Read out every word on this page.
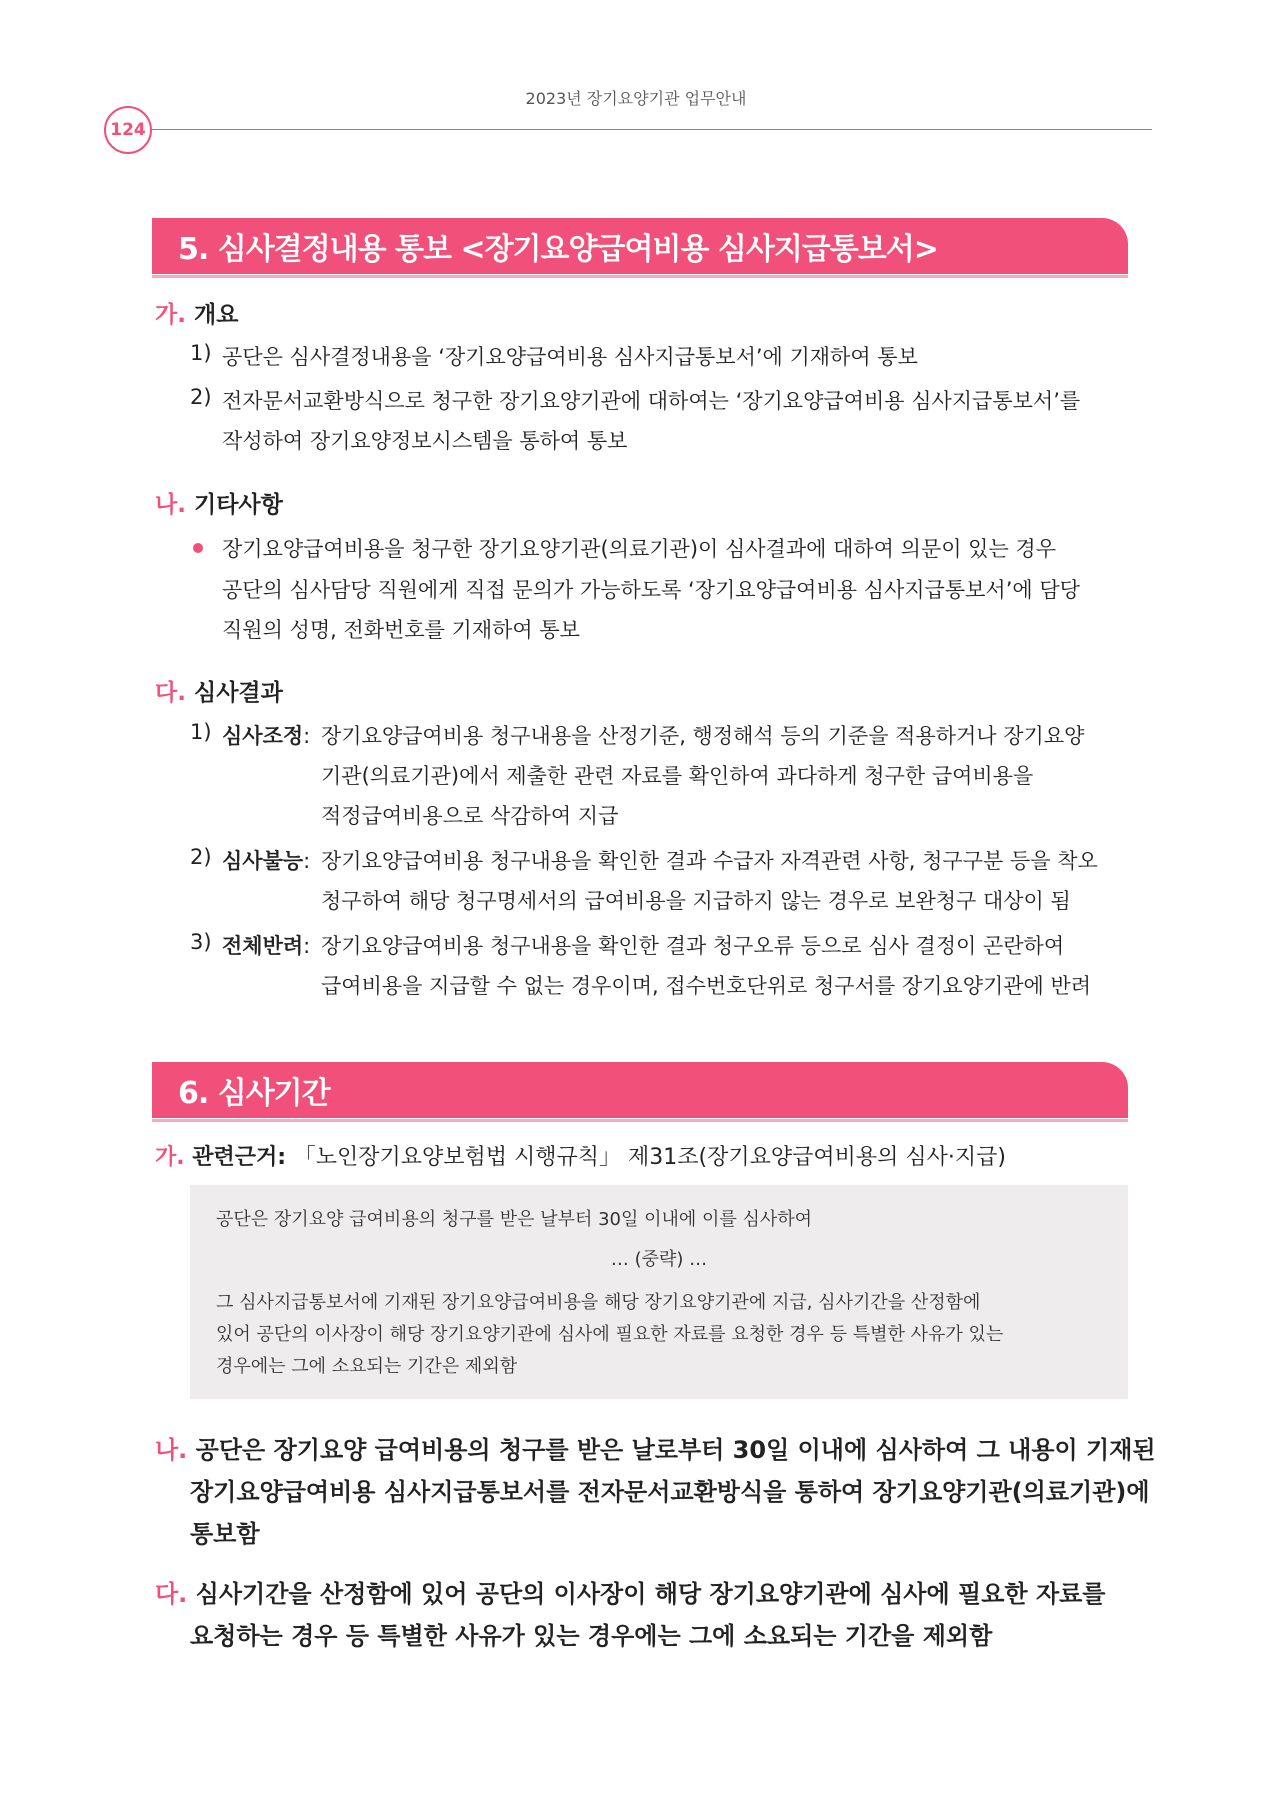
2023년 장기요양기관 업무안내
124
5. 심사결정내용 통보 <장기요양급여비용 심사지급통보서>
가. 개요
1) 공단은 심사결정내용을 ‘장기요양급여비용 심사지급통보서’에 기재하여 통보
2) 전자문서교환방식으로 청구한 장기요양기관에 대하여는 ‘장기요양급여비용 심사지급통보서’를
작성하여 장기요양정보시스템을 통하여 통보
나. 기타사항
장기요양급여비용을 청구한 장기요양기관(의료기관)이 심사결과에 대하여 의문이 있는 경우
공단의 심사담당 직원에게 직접 문의가 가능하도록 ‘장기요양급여비용 심사지급통보서’에 담당
직원의 성명, 전화번호를 기재하여 통보
다. 심사결과
1) 심사조정: 장기요양급여비용 청구내용을 산정기준, 행정해석 등의 기준을 적용하거나 장기요양
기관(의료기관)에서 제출한 관련 자료를 확인하여 과다하게 청구한 급여비용을
적정급여비용으로 삭감하여 지급
2) 심사불능: 장기요양급여비용 청구내용을 확인한 결과 수급자 자격관련 사항, 청구구분 등을 착오
청구하여 해당 청구명세서의 급여비용을 지급하지 않는 경우로 보완청구 대상이 됨
3) 전체반려: 장기요양급여비용 청구내용을 확인한 결과 청구오류 등으로 심사 결정이 곤란하여
급여비용을 지급할 수 없는 경우이며, 접수번호단위로 청구서를 장기요양기관에 반려
6. 심사기간
가. 관련근거: 「노인장기요양보험법 시행규칙」 제31조(장기요양급여비용의 심사·지급)
공단은 장기요양 급여비용의 청구를 받은 날부터 30일 이내에 이를 심사하여
… (중략) …
그 심사지급통보서에 기재된 장기요양급여비용을 해당 장기요양기관에 지급, 심사기간을 산정함에
있어 공단의 이사장이 해당 장기요양기관에 심사에 필요한 자료를 요청한 경우 등 특별한 사유가 있는
경우에는 그에 소요되는 기간은 제외함
나. 공단은 장기요양 급여비용의 청구를 받은 날로부터 30일 이내에 심사하여 그 내용이 기재된
장기요양급여비용 심사지급통보서를 전자문서교환방식을 통하여 장기요양기관(의료기관)에
통보함
다. 심사기간을 산정함에 있어 공단의 이사장이 해당 장기요양기관에 심사에 필요한 자료를
요청하는 경우 등 특별한 사유가 있는 경우에는 그에 소요되는 기간을 제외함
